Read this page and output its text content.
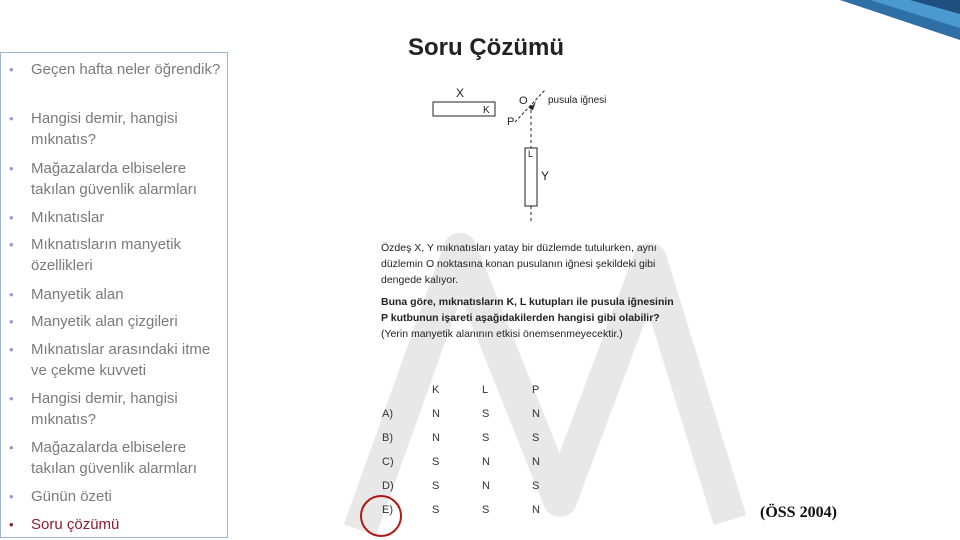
• Geçen hafta neler öğrendik?
• Hangisi demir, hangisi mıknatıs?
• Mağazalarda elbiselere takılan güvenlik alarmları
• Mıknatıslar
• Mıknatısların manyetik özellikleri
• Manyetik alan
• Manyetik alan çizgileri
• Mıknatıslar arasındaki itme ve çekme kuvveti
• Hangisi demir, hangisi mıknatıs?
• Mağazalarda elbiselere takılan güvenlik alarmları
• Günün özeti
• Soru çözümü
Soru Çözümü
X
K
O
P
pusula iğnesi
L
Y

Özdeş X, Y mıknatısları yatay bir düzlemde tutulurken, aynı düzlemin O noktasına konan pusulanın iğnesi şekildeki gibi dengede kalıyor.

Buna göre, mıknatısların K, L kutupları ile pusula iğnesinin P kutbunun işareti aşağıdakilerden hangisi gibi olabilir?

(Yerin manyetik alanının etkisi önemsenmeyecektir.)

	K	L	P
A)	N	S	N
B)	N	S	S
C)	S	N	N
D)	S	N	S
E)	S	S	N	(ÖSS 2004)
